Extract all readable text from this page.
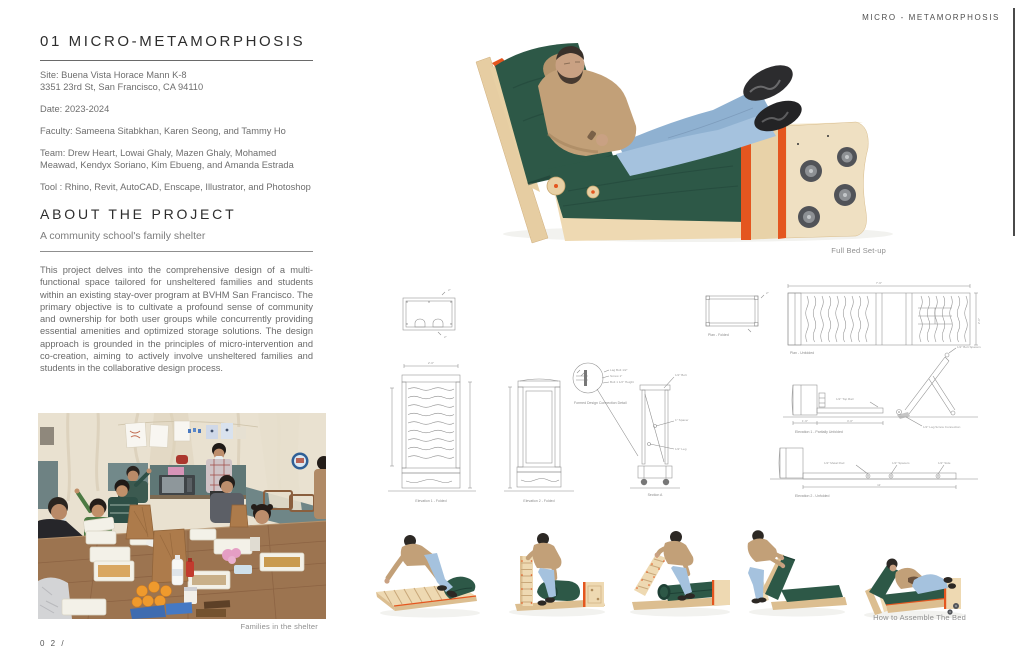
MICRO - METAMORPHOSIS
01 MICRO-METAMORPHOSIS

Site: Buena Vista Horace Mann K-8
3351 23rd St, San Francisco, CA 94110

Date: 2023-2024

Faculty: Sameena Sitabkhan, Karen Seong, and Tammy Ho

Team: Drew Heart, Lowai Ghaly, Mazen Ghaly, Mohamed Meawad, Kendyx Soriano, Kim Ebueng, and Amanda Estrada

Tool : Rhino, Revit, AutoCAD, Enscape, Illustrator, and Photoshop

ABOUT THE PROJECT

A community school's family shelter

This project delves into the comprehensive design of a multi-functional space tailored for unsheltered families and students within an existing stay-over program at BVHM San Francisco. The primary objective is to cultivate a profound sense of community and ownership for both user groups while concurrently providing essential amenities and optimized storage solutions. The design approach is grounded in the principles of micro-intervention and co-creation, aiming to actively involve unsheltered families and students in the collaborative design process.

Families in the shelter
0 2 /
Full Bed Set-up
2"
2"
2'-0"
Elevation 1 - Folded	Elevation 2 - Folded
Lag Bolt 1/2"
Screw 1"
Bolt 1 1/2" Height
Formed Design Connection Detail
1/2" Bolt
1" Spacer
1/2" Leg
Section A
2"
Plan - Folded
7'-6"
2'-0"
Plan - Unfolded
1/2" Bolt Spacers
1/2" Lag Screw Connection
1/2" Top Rail
1'-6"	4'-0"
Elevation 1 - Partially Unfolded
1/2" Metal Rod	1/2" Spacers	1/2" Side
11'
Elevation 2 - Unfolded
How to Assemble The Bed
